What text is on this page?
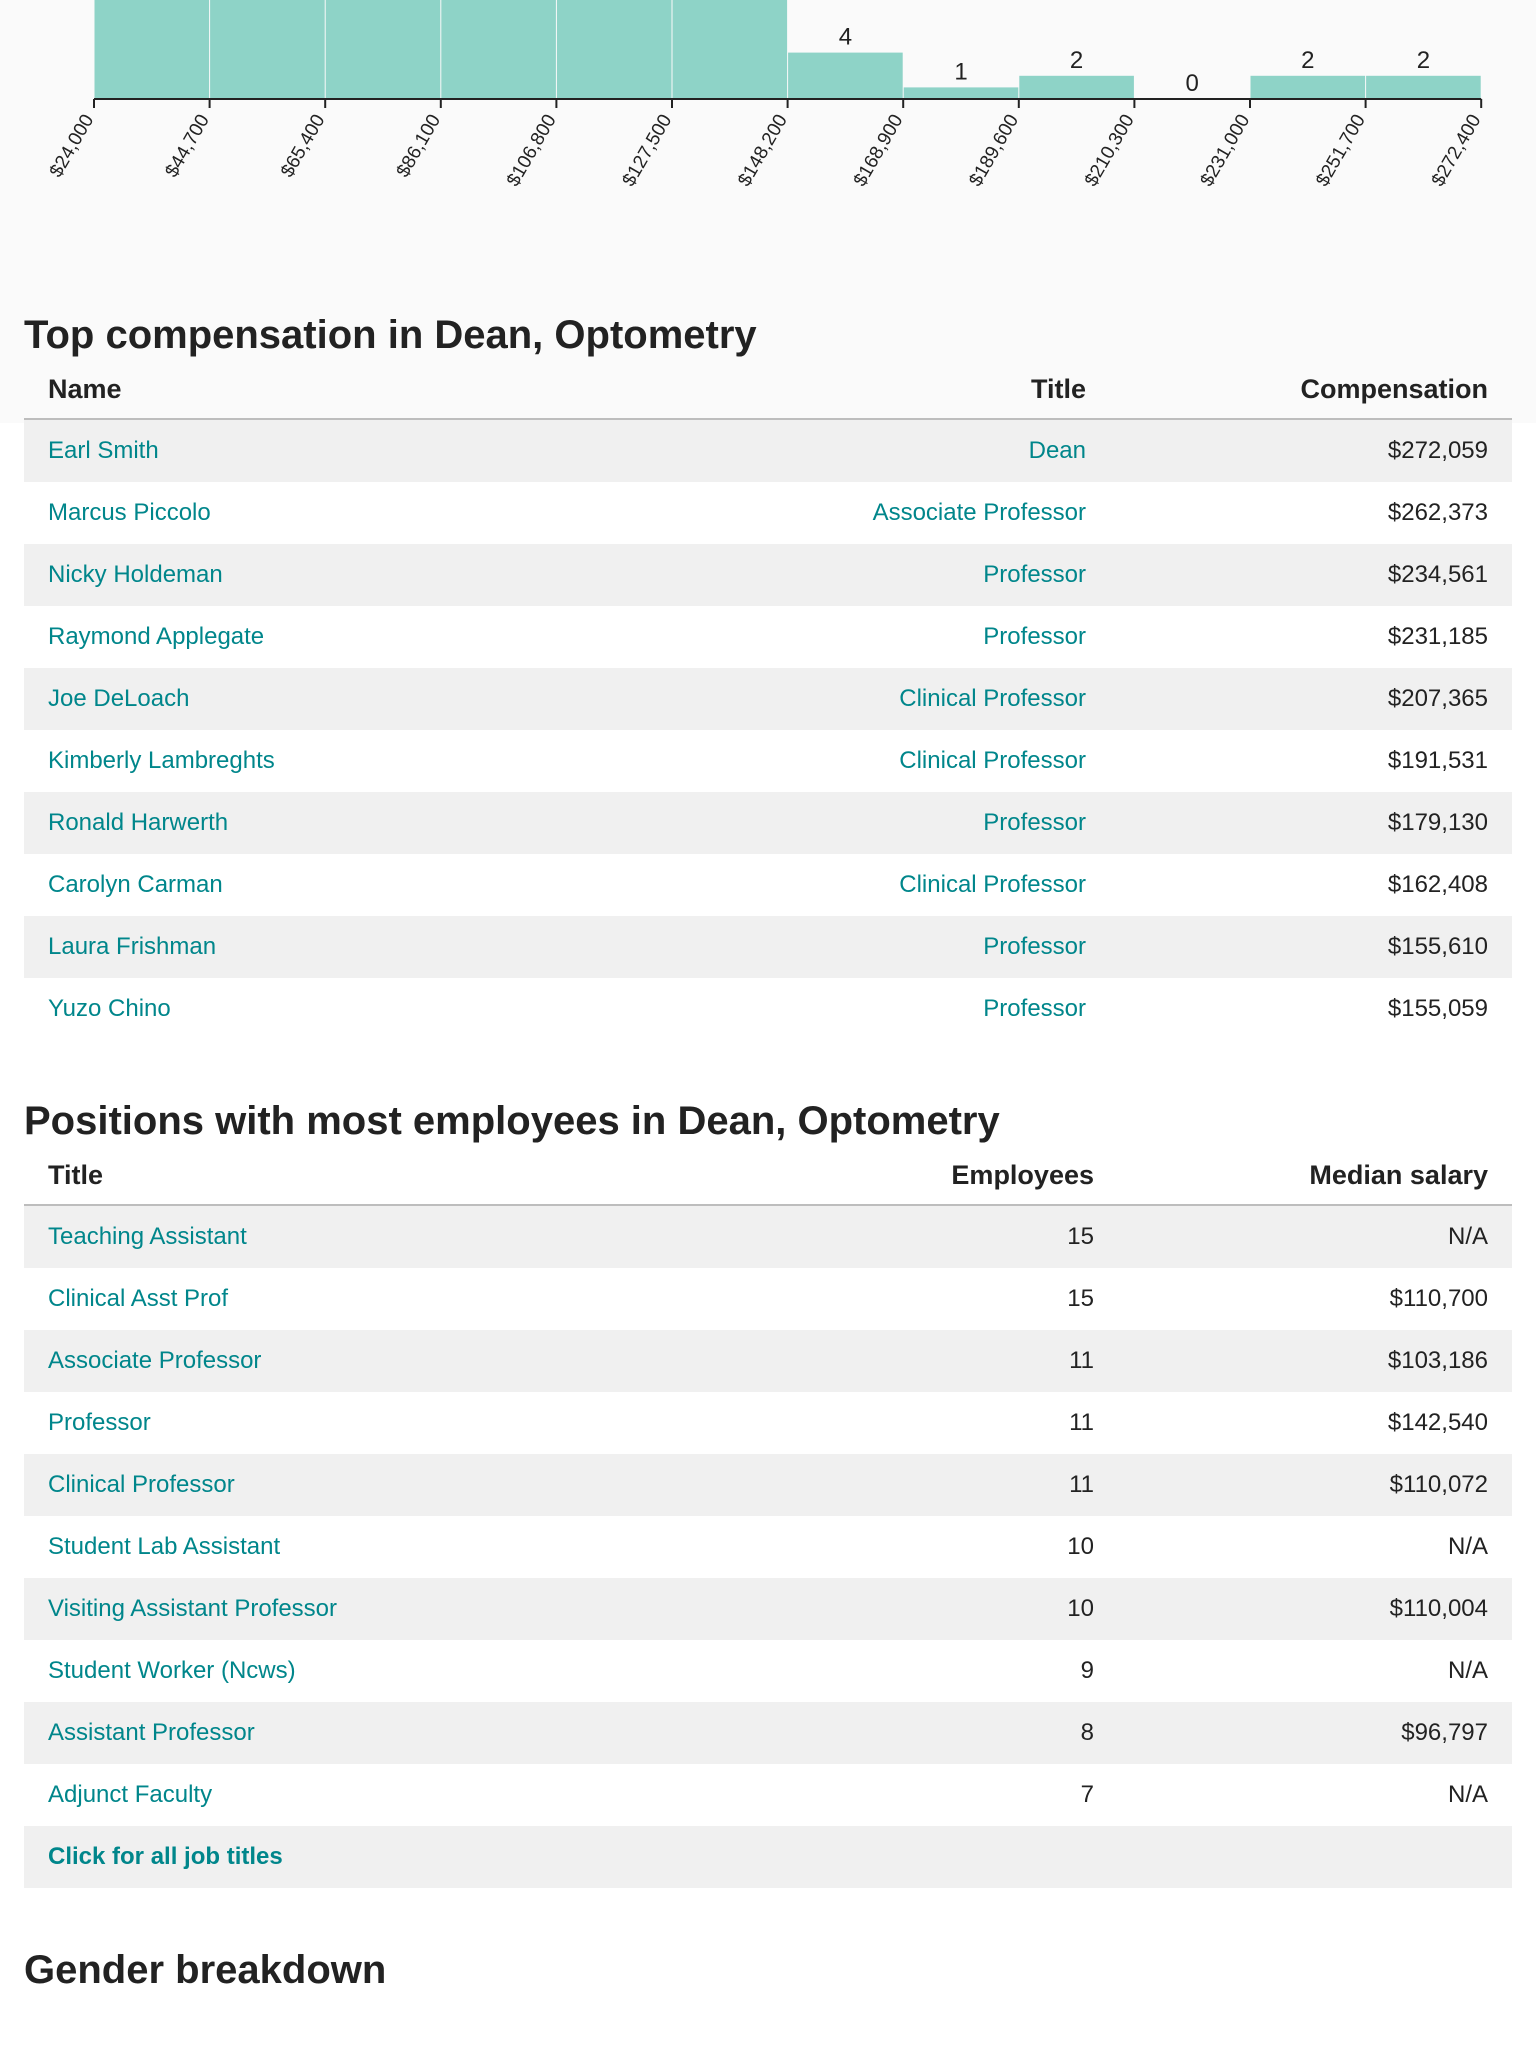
4
1	2
0
2	2
$24,000	$44,700	$65,400	$86,100	$106,800	$127,500	$148,200	$168,900	$189,600	$210,300	$231,000	$251,700	$272,400
Top compensation in Dean, Optometry
Name	Title	Compensation
Earl Smith	Dean	$272,059
Marcus Piccolo	Associate Professor	$262,373
Nicky Holdeman	Professor	$234,561
Raymond Applegate	Professor	$231,185
Joe DeLoach	Clinical Professor	$207,365
Kimberly Lambreghts	Clinical Professor	$191,531
Ronald Harwerth	Professor	$179,130
Carolyn Carman	Clinical Professor	$162,408
Laura Frishman	Professor	$155,610
Yuzo Chino	Professor	$155,059
Positions with most employees in Dean, Optometry
Title	Employees	Median salary
Teaching Assistant	15	N/A
Clinical Asst Prof	15	$110,700
Associate Professor	11	$103,186
Professor	11	$142,540
Clinical Professor	11	$110,072
Student Lab Assistant	10	N/A
Visiting Assistant Professor	10	$110,004
Student Worker (Ncws)	9	N/A
Assistant Professor	8	$96,797
Adjunct Faculty	7	N/A
Click for all job titles		
Gender breakdown
